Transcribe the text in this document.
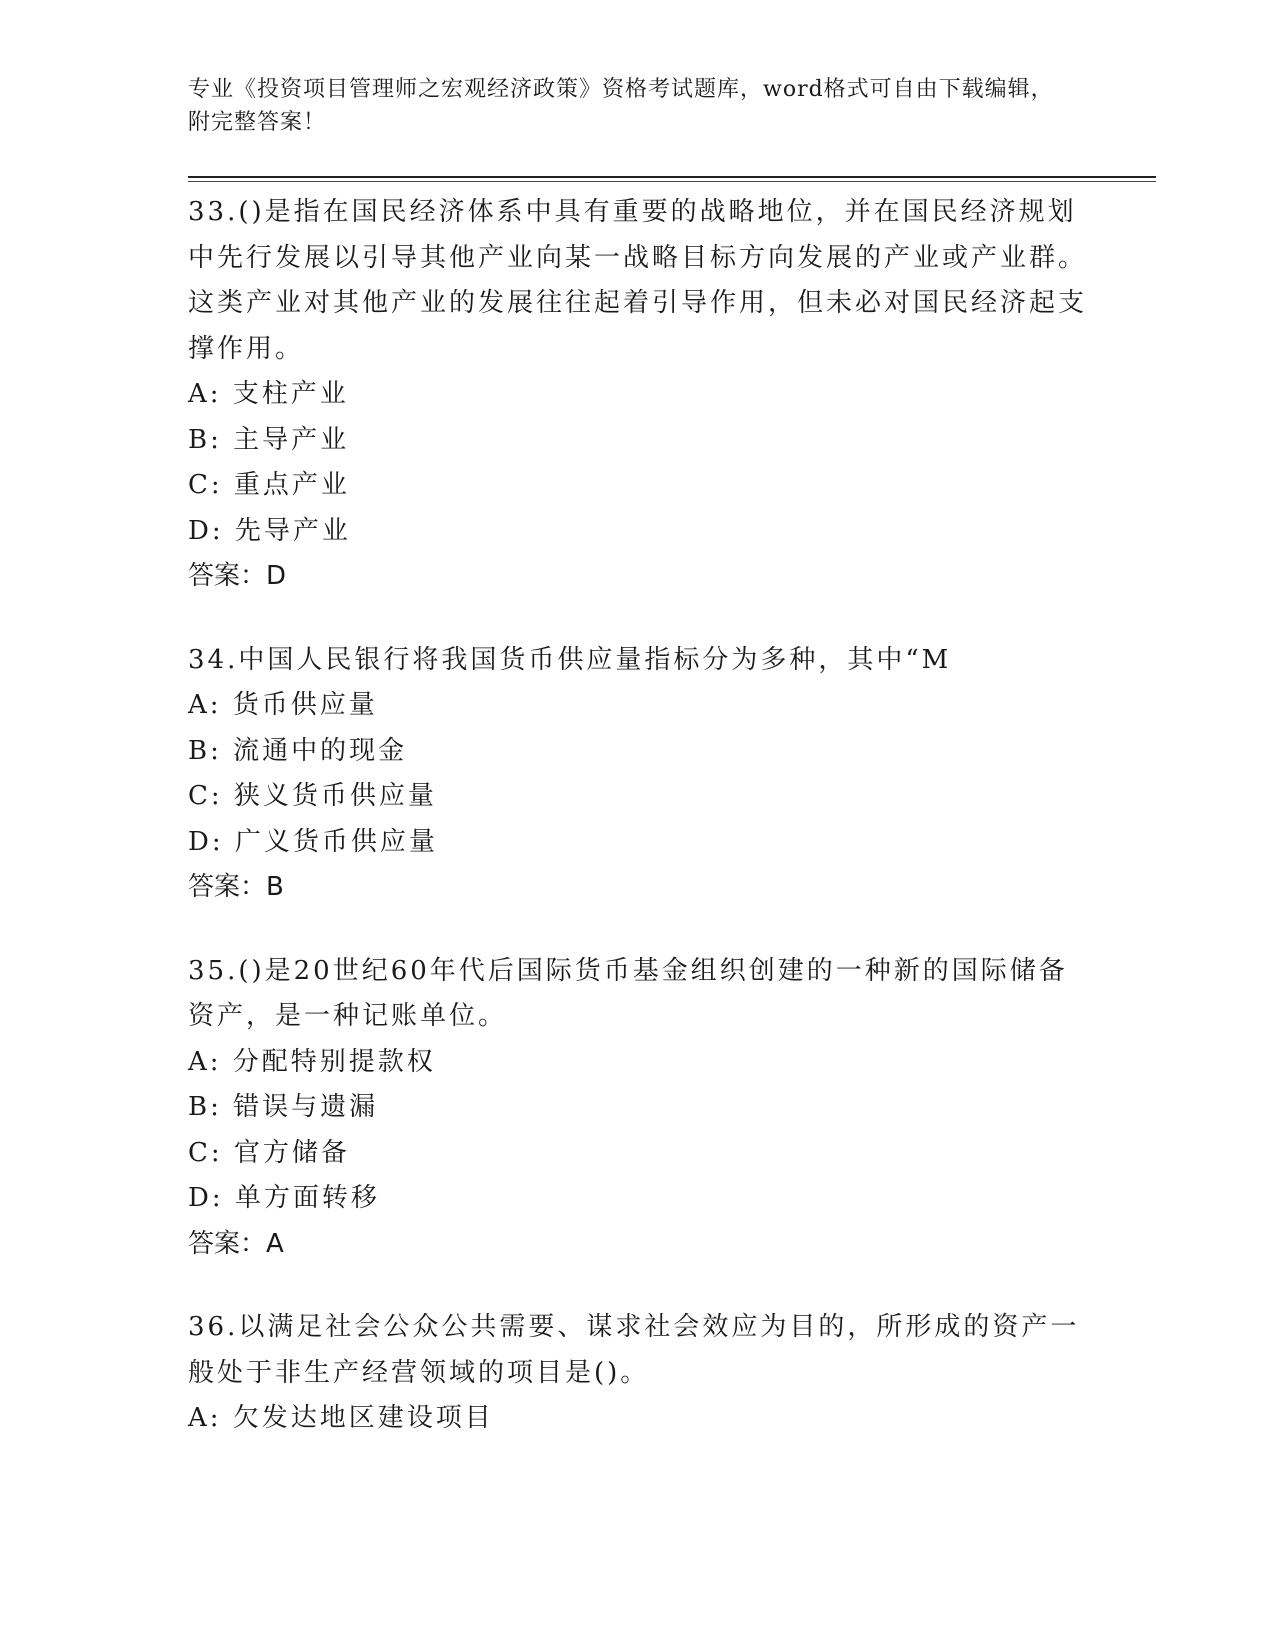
专业《投资项目管理师之宏观经济政策》资格考试题库，word格式可自由下载编辑，附完整答案！

33.()是指在国民经济体系中具有重要的战略地位，并在国民经济规划中先行发展以引导其他产业向某一战略目标方向发展的产业或产业群。这类产业对其他产业的发展往往起着引导作用，但未必对国民经济起支撑作用。

A: 支柱产业

B: 主导产业

C: 重点产业

D: 先导产业

答案：D

34.中国人民银行将我国货币供应量指标分为多种，其中“M

A: 货币供应量

B: 流通中的现金

C: 狭义货币供应量

D: 广义货币供应量

答案：B

35.()是20世纪60年代后国际货币基金组织创建的一种新的国际储备资产，是一种记账单位。

A: 分配特别提款权

B: 错误与遗漏

C: 官方储备

D: 单方面转移

答案：A

36.以满足社会公众公共需要、谋求社会效应为目的，所形成的资产一般处于非生产经营领域的项目是()。

A: 欠发达地区建设项目
